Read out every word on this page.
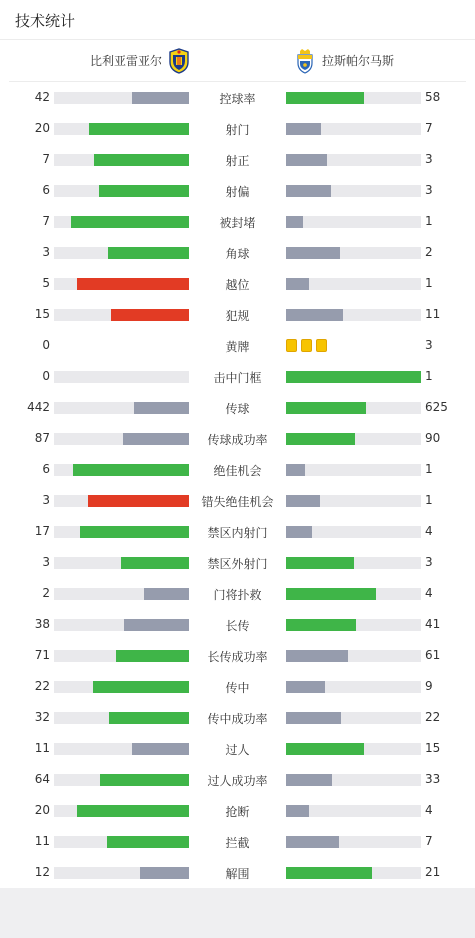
技术统计
比利亚雷亚尔	拉斯帕尔马斯
42	控球率	58
20	射门	7
7	射正	3
6	射偏	3
7	被封堵	1
3	角球	2
5	越位	1
15	犯规	11
0	黄牌	3
0	击中门框	1
442	传球	625
87	传球成功率	90
6	绝佳机会	1
3	错失绝佳机会	1
17	禁区内射门	4
3	禁区外射门	3
2	门将扑救	4
38	长传	41
71	长传成功率	61
22	传中	9
32	传中成功率	22
11	过人	15
64	过人成功率	33
20	抢断	4
11	拦截	7
12	解围	21
